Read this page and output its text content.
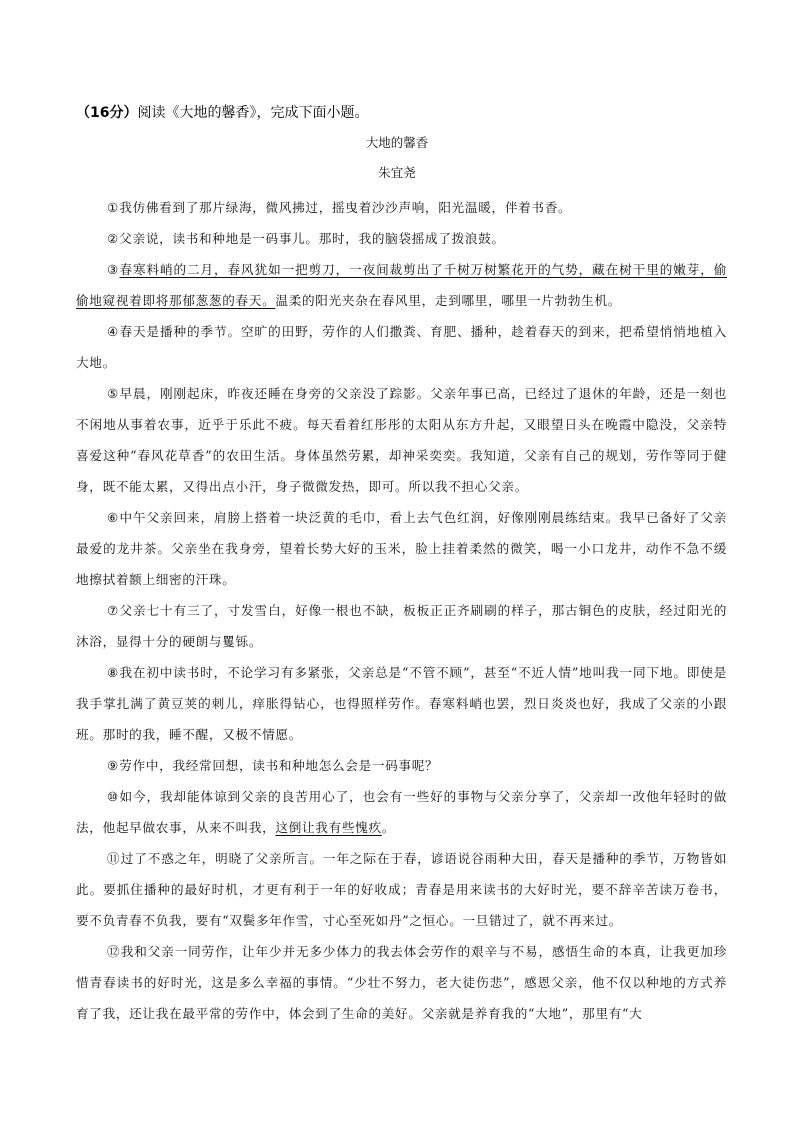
（16分）阅读《大地的馨香》，完成下面小题。
大地的馨香
朱宜尧

①我仿佛看到了那片绿海，微风拂过，摇曳着沙沙声响，阳光温暖，伴着书香。

②父亲说，读书和种地是一码事儿。那时，我的脑袋摇成了拨浪鼓。

③春寒料峭的二月，春风犹如一把剪刀，一夜间裁剪出了千树万树繁花开的气势，藏在树干里的嫩芽，偷偷地窥视着即将那郁葱葱的春天。温柔的阳光夹杂在春风里，走到哪里，哪里一片勃勃生机。

④春天是播种的季节。空旷的田野，劳作的人们撒粪、育肥、播种，趁着春天的到来，把希望悄悄地植入大地。

⑤早晨，刚刚起床，昨夜还睡在身旁的父亲没了踪影。父亲年事已高，已经过了退休的年龄，还是一刻也不闲地从事着农事，近乎于乐此不疲。每天看着红彤彤的太阳从东方升起，又眼望日头在晚霞中隐没，父亲特喜爱这种“春风花草香”的农田生活。身体虽然劳累，却神采奕奕。我知道，父亲有自己的规划，劳作等同于健身，既不能太累，又得出点小汗，身子微微发热，即可。所以我不担心父亲。

⑥中午父亲回来，肩膀上搭着一块泛黄的毛巾，看上去气色红润，好像刚刚晨练结束。我早已备好了父亲最爱的龙井茶。父亲坐在我身旁，望着长势大好的玉米，脸上挂着柔然的微笑，喝一小口龙井，动作不急不缓地擦拭着额上细密的汗珠。

⑦父亲七十有三了，寸发雪白，好像一根也不缺，板板正正齐刷刷的样子，那古铜色的皮肤，经过阳光的沐浴，显得十分的硬朗与矍铄。

⑧我在初中读书时，不论学习有多紧张，父亲总是“不管不顾”，甚至“不近人情”地叫我一同下地。即使是我手掌扎满了黄豆荚的刺儿，痒胀得钻心，也得照样劳作。春寒料峭也罢，烈日炎炎也好，我成了父亲的小跟班。那时的我，睡不醒，又极不情愿。

⑨劳作中，我经常回想，读书和种地怎么会是一码事呢？

⑩如今，我却能体谅到父亲的良苦用心了，也会有一些好的事物与父亲分享了，父亲却一改他年轻时的做法，他起早做农事，从来不叫我，这倒让我有些愧疚。

⑪过了不惑之年，明晓了父亲所言。一年之际在于春，谚语说谷雨种大田，春天是播种的季节，万物皆如此。要抓住播种的最好时机，才更有利于一年的好收成；青春是用来读书的大好时光，要不辞辛苦读万卷书，要不负青春不负我，要有“双鬓多年作雪，寸心至死如丹”之恒心。一旦错过了，就不再来过。

⑫我和父亲一同劳作，让年少并无多少体力的我去体会劳作的艰辛与不易，感悟生命的本真，让我更加珍惜青春读书的好时光，这是多么幸福的事情。“少壮不努力，老大徒伤悲”，感恩父亲，他不仅以种地的方式养育了我，还让我在最平常的劳作中，体会到了生命的美好。父亲就是养育我的“大地”，那里有“大
